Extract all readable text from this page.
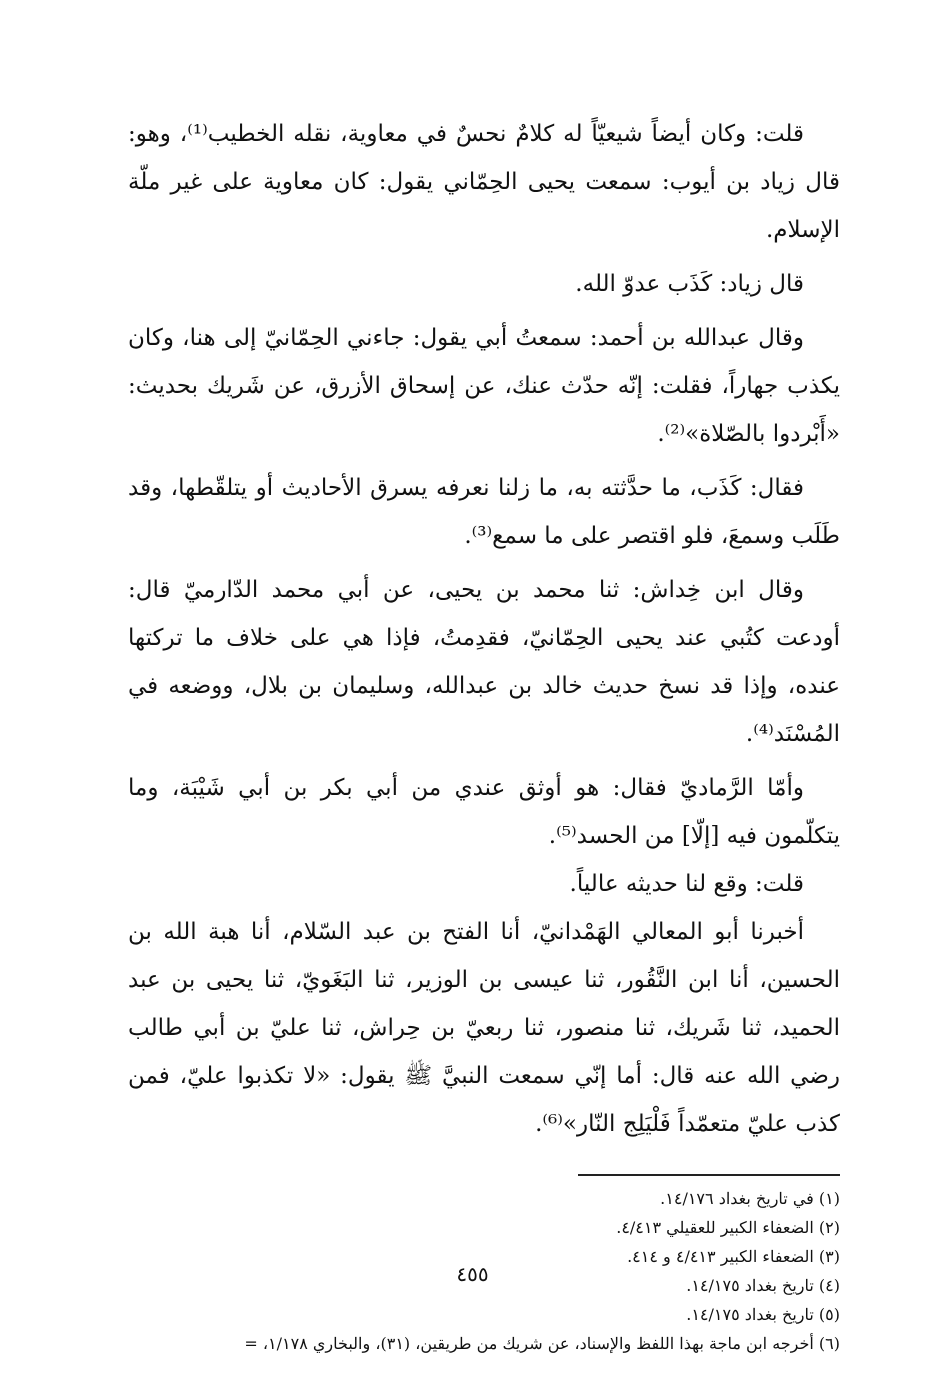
قلت: وكان أيضاً شيعيّاً له كلامٌ نحسٌ في معاوية، نقله الخطيب⁽¹⁾، وهو: قال زياد بن أيوب: سمعت يحيى الحِمّاني يقول: كان معاوية على غير ملّة الإسلام.

قال زياد: كَذَب عدوّ الله.

وقال عبدالله بن أحمد: سمعتُ أبي يقول: جاءني الحِمّانيّ إلى هنا، وكان يكذب جهاراً، فقلت: إنّه حدّث عنك، عن إسحاق الأزرق، عن شَريك بحديث: «أَبْردوا بالصّلاة»⁽²⁾.

فقال: كَذَب، ما حدَّثته به، ما زلنا نعرفه يسرق الأحاديث أو يتلقّطها، وقد طَلَب وسمعَ، فلو اقتصر على ما سمع⁽³⁾.

وقال ابن خِداش: ثنا محمد بن يحيى، عن أبي محمد الدّارميّ قال: أودعت كتُبي عند يحيى الحِمّانيّ، فقدِمتُ، فإذا هي على خلاف ما تركتها عنده، وإذا قد نسخ حديث خالد بن عبدالله، وسليمان بن بلال، ووضعه في المُسْنَد⁽⁴⁾.

وأمّا الرَّماديّ فقال: هو أوثق عندي من أبي بكر بن أبي شَيْبَة، وما يتكلّمون فيه [إلّا] من الحسد⁽⁵⁾.

قلت: وقع لنا حديثه عالياً.

أخبرنا أبو المعالي الهَمْدانيّ، أنا الفتح بن عبد السّلام، أنا هبة الله بن الحسين، أنا ابن النَّقُور، ثنا عيسى بن الوزير، ثنا البَغَويّ، ثنا يحيى بن عبد الحميد، ثنا شَريك، ثنا منصور، ثنا ربعيّ بن حِراش، ثنا عليّ بن أبي طالب رضي الله عنه قال: أما إنّي سمعت النبيَّ ﷺ يقول: «لا تكذبوا عليّ، فمن كذب عليّ متعمّداً فَلْيَلِج النّار»⁽⁶⁾.

(١) في تاريخ بغداد ١٤/١٧٦.

(٢) الضعفاء الكبير للعقيلي ٤/٤١٣.

(٣) الضعفاء الكبير ٤/٤١٣ و ٤١٤.

(٤) تاريخ بغداد ١٤/١٧٥.

(٥) تاريخ بغداد ١٤/١٧٥.

(٦) أخرجه ابن ماجة بهذا اللفظ والإسناد، عن شريك من طريقين، (٣١)، والبخاري ١/١٧٨، =

٤٥٥
